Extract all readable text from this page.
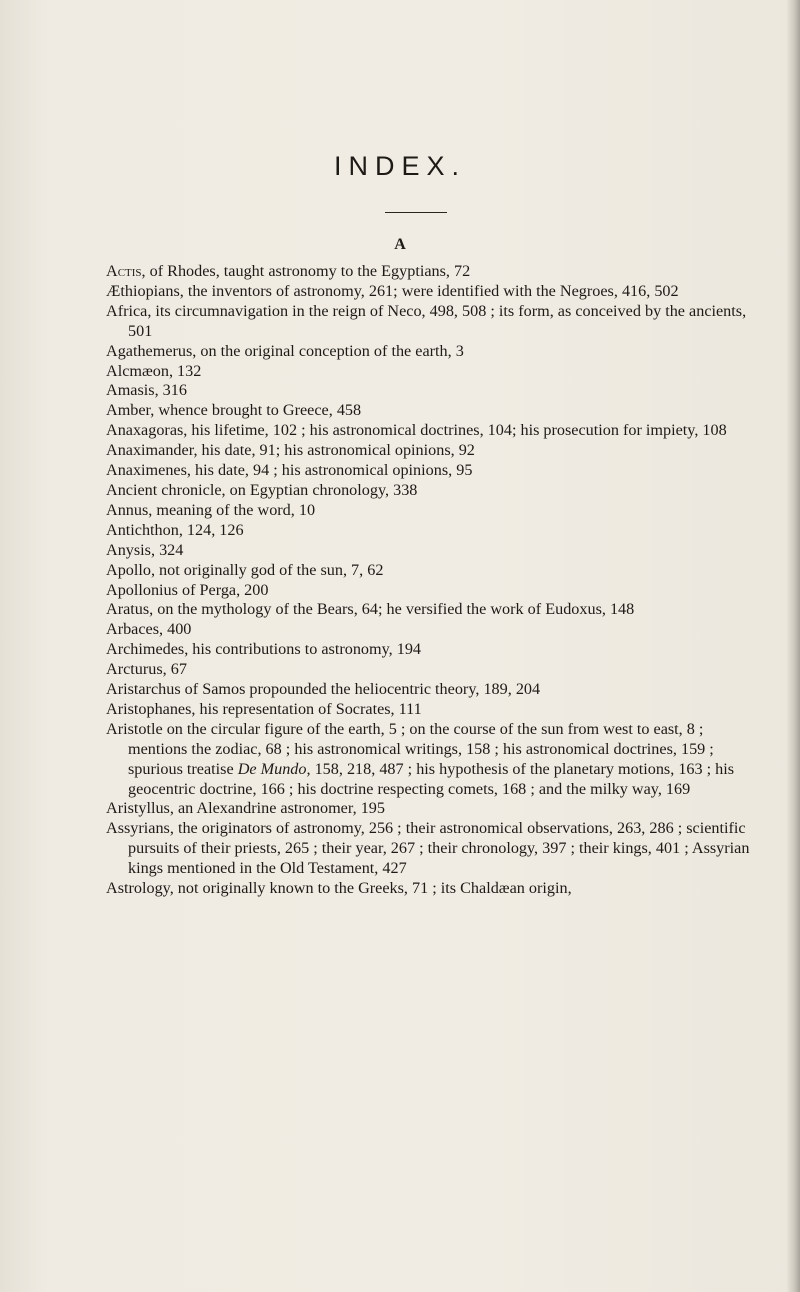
INDEX.
A
Actis, of Rhodes, taught astronomy to the Egyptians, 72
Æthiopians, the inventors of astronomy, 261; were identified with the Negroes, 416, 502
Africa, its circumnavigation in the reign of Neco, 498, 508 ; its form, as conceived by the ancients, 501
Agathemerus, on the original conception of the earth, 3
Alcmæon, 132
Amasis, 316
Amber, whence brought to Greece, 458
Anaxagoras, his lifetime, 102 ; his astronomical doctrines, 104; his prosecution for impiety, 108
Anaximander, his date, 91; his astronomical opinions, 92
Anaximenes, his date, 94 ; his astronomical opinions, 95
Ancient chronicle, on Egyptian chronology, 338
Annus, meaning of the word, 10
Antichthon, 124, 126
Anysis, 324
Apollo, not originally god of the sun, 7, 62
Apollonius of Perga, 200
Aratus, on the mythology of the Bears, 64; he versified the work of Eudoxus, 148
Arbaces, 400
Archimedes, his contributions to astronomy, 194
Arcturus, 67
Aristarchus of Samos propounded the heliocentric theory, 189, 204
Aristophanes, his representation of Socrates, 111
Aristotle on the circular figure of the earth, 5 ; on the course of the sun from west to east, 8 ; mentions the zodiac, 68 ; his astronomical writings, 158 ; his astronomical doctrines, 159 ; spurious treatise De Mundo, 158, 218, 487 ; his hypothesis of the planetary motions, 163 ; his geocentric doctrine, 166 ; his doctrine respecting comets, 168 ; and the milky way, 169
Aristyllus, an Alexandrine astronomer, 195
Assyrians, the originators of astronomy, 256 ; their astronomical observations, 263, 286 ; scientific pursuits of their priests, 265 ; their year, 267 ; their chronology, 397 ; their kings, 401 ; Assyrian kings mentioned in the Old Testament, 427
Astrology, not originally known to the Greeks, 71 ; its Chaldæan origin,
